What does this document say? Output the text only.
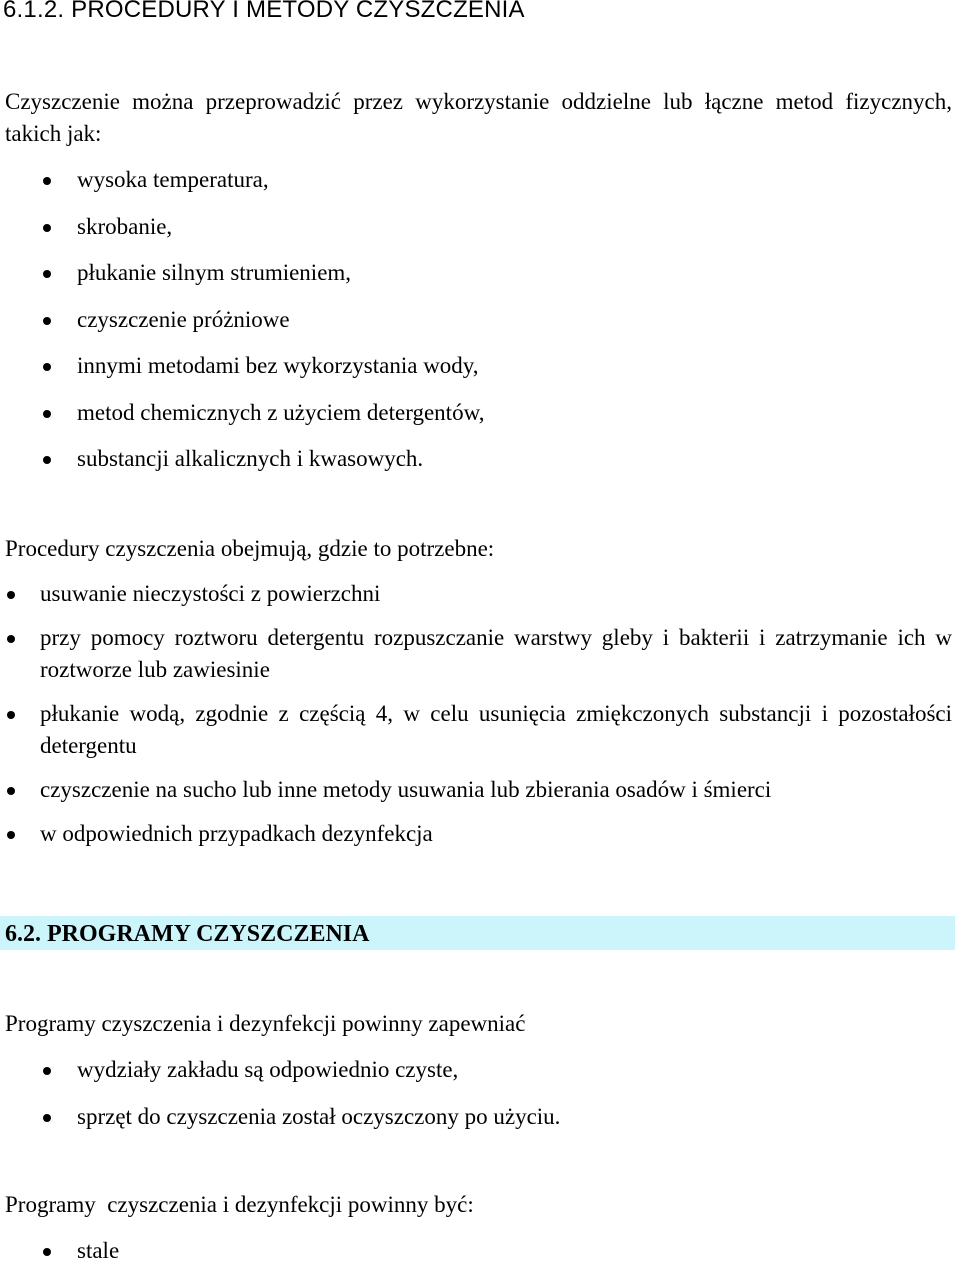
6.1.2. PROCEDURY I METODY CZYSZCZENIA
Czyszczenie można przeprowadzić przez wykorzystanie oddzielne lub łączne metod fizycznych, takich jak:
wysoka temperatura,
skrobanie,
płukanie silnym strumieniem,
czyszczenie próżniowe
innymi metodami bez wykorzystania wody,
metod chemicznych z użyciem detergentów,
substancji alkalicznych i kwasowych.
Procedury czyszczenia obejmują, gdzie to potrzebne:
usuwanie nieczystości z powierzchni
przy pomocy roztworu detergentu rozpuszczanie warstwy gleby i bakterii i zatrzymanie ich w roztworze lub zawiesinie
płukanie wodą, zgodnie z częścią 4, w celu usunięcia zmiękczonych substancji i pozostałości detergentu
czyszczenie na sucho lub inne metody usuwania lub zbierania osadów i śmierci
w odpowiednich przypadkach dezynfekcja
6.2. PROGRAMY CZYSZCZENIA
Programy czyszczenia i dezynfekcji powinny zapewniać
wydziały zakładu są odpowiednio czyste,
sprzęt do czyszczenia został oczyszczony po użyciu.
Programy  czyszczenia i dezynfekcji powinny być:
stale
